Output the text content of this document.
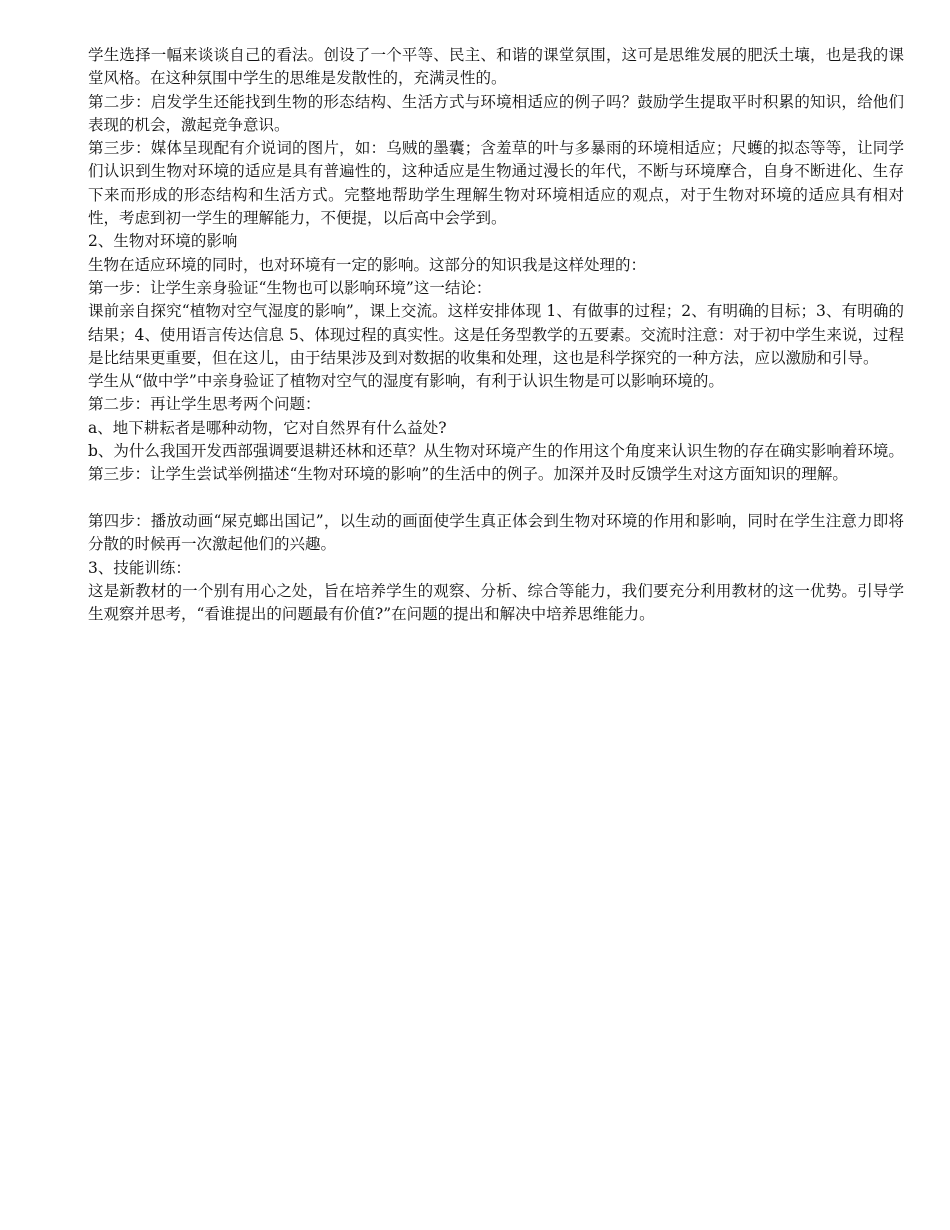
学生选择一幅来谈谈自己的看法。创设了一个平等、民主、和谐的课堂氛围，这可是思维发展的肥沃土壤，也是我的课堂风格。在这种氛围中学生的思维是发散性的，充满灵性的。

第二步：启发学生还能找到生物的形态结构、生活方式与环境相适应的例子吗？鼓励学生提取平时积累的知识，给他们表现的机会，激起竞争意识。

第三步：媒体呈现配有介说词的图片，如：乌贼的墨囊；含羞草的叶与多暴雨的环境相适应；尺蠖的拟态等等，让同学们认识到生物对环境的适应是具有普遍性的，这种适应是生物通过漫长的年代，不断与环境摩合，自身不断进化、生存下来而形成的形态结构和生活方式。完整地帮助学生理解生物对环境相适应的观点，对于生物对环境的适应具有相对性，考虑到初一学生的理解能力，不便提，以后高中会学到。

2、生物对环境的影响

生物在适应环境的同时，也对环境有一定的影响。这部分的知识我是这样处理的：

第一步：让学生亲身验证“生物也可以影响环境”这一结论：

课前亲自探究“植物对空气湿度的影响”，课上交流。这样安排体现 1、有做事的过程；2、有明确的目标；3、有明确的结果；4、使用语言传达信息 5、体现过程的真实性。这是任务型教学的五要素。交流时注意：对于初中学生来说，过程是比结果更重要，但在这儿，由于结果涉及到对数据的收集和处理，这也是科学探究的一种方法，应以激励和引导。

学生从“做中学”中亲身验证了植物对空气的湿度有影响，有利于认识生物是可以影响环境的。

第二步：再让学生思考两个问题：

a、地下耕耘者是哪种动物，它对自然界有什么益处?

b、为什么我国开发西部强调要退耕还林和还草？从生物对环境产生的作用这个角度来认识生物的存在确实影响着环境。

第三步：让学生尝试举例描述“生物对环境的影响”的生活中的例子。加深并及时反馈学生对这方面知识的理解。

第四步：播放动画“屎克螂出国记”，以生动的画面使学生真正体会到生物对环境的作用和影响，同时在学生注意力即将分散的时候再一次激起他们的兴趣。

3、技能训练：

这是新教材的一个别有用心之处，旨在培养学生的观察、分析、综合等能力，我们要充分利用教材的这一优势。引导学生观察并思考，“看谁提出的问题最有价值?”在问题的提出和解决中培养思维能力。
